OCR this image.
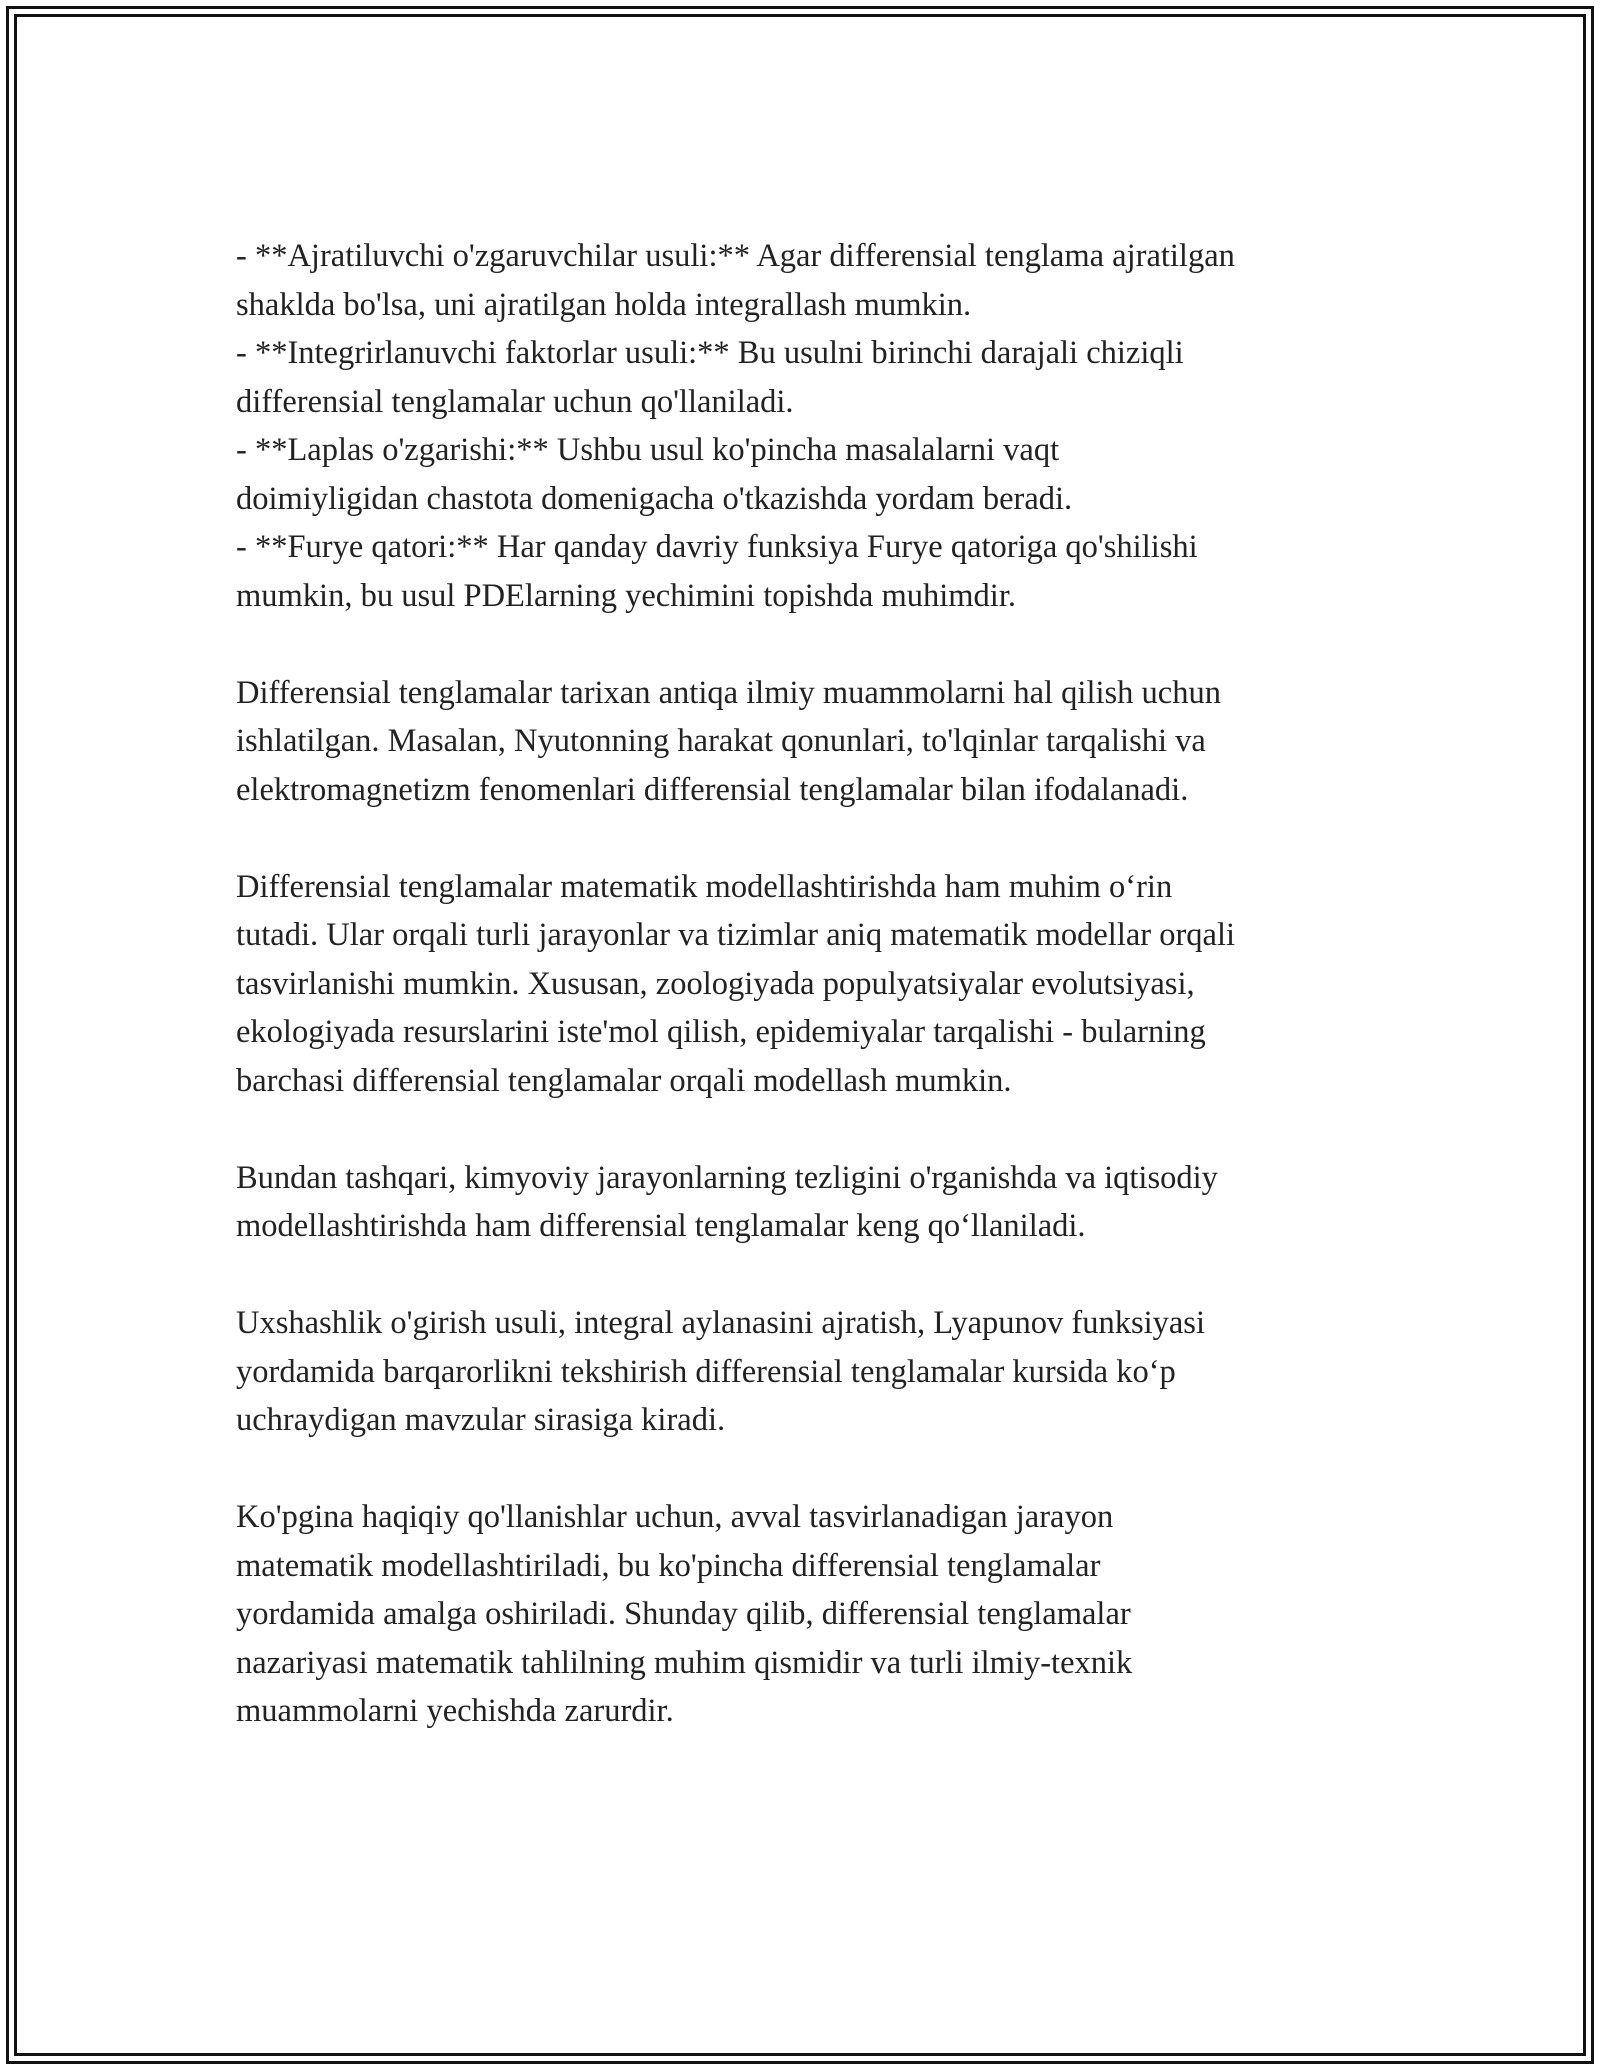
- **Ajratiluvchi o'zgaruvchilar usuli:** Agar differensial tenglama ajratilgan
shaklda bo'lsa, uni ajratilgan holda integrallash mumkin.
- **Integrirlanuvchi faktorlar usuli:** Bu usulni birinchi darajali chiziqli
differensial tenglamalar uchun qo'llaniladi.
- **Laplas o'zgarishi:** Ushbu usul ko'pincha masalalarni vaqt
doimiyligidan chastota domenigacha o'tkazishda yordam beradi.
- **Furye qatori:** Har qanday davriy funksiya Furye qatoriga qo'shilishi
mumkin, bu usul PDElarning yechimini topishda muhimdir.
Differensial tenglamalar tarixan antiqa ilmiy muammolarni hal qilish uchun
ishlatilgan. Masalan, Nyutonning harakat qonunlari, to'lqinlar tarqalishi va
elektromagnetizm fenomenlari differensial tenglamalar bilan ifodalanadi.
Differensial tenglamalar matematik modellashtirishda ham muhim o‘rin
tutadi. Ular orqali turli jarayonlar va tizimlar aniq matematik modellar orqali
tasvirlanishi mumkin. Xususan, zoologiyada populyatsiyalar evolutsiyasi,
ekologiyada resurslarini iste'mol qilish, epidemiyalar tarqalishi - bularning
barchasi differensial tenglamalar orqali modellash mumkin.
Bundan tashqari, kimyoviy jarayonlarning tezligini o'rganishda va iqtisodiy
modellashtirishda ham differensial tenglamalar keng qo‘llaniladi.
Uxshashlik o'girish usuli, integral aylanasini ajratish, Lyapunov funksiyasi
yordamida barqarorlikni tekshirish differensial tenglamalar kursida ko‘p
uchraydigan mavzular sirasiga kiradi.
Ko'pgina haqiqiy qo'llanishlar uchun, avval tasvirlanadigan jarayon
matematik modellashtiriladi, bu ko'pincha differensial tenglamalar
yordamida amalga oshiriladi. Shunday qilib, differensial tenglamalar
nazariyasi matematik tahlilning muhim qismidir va turli ilmiy-texnik
muammolarni yechishda zarurdir.
